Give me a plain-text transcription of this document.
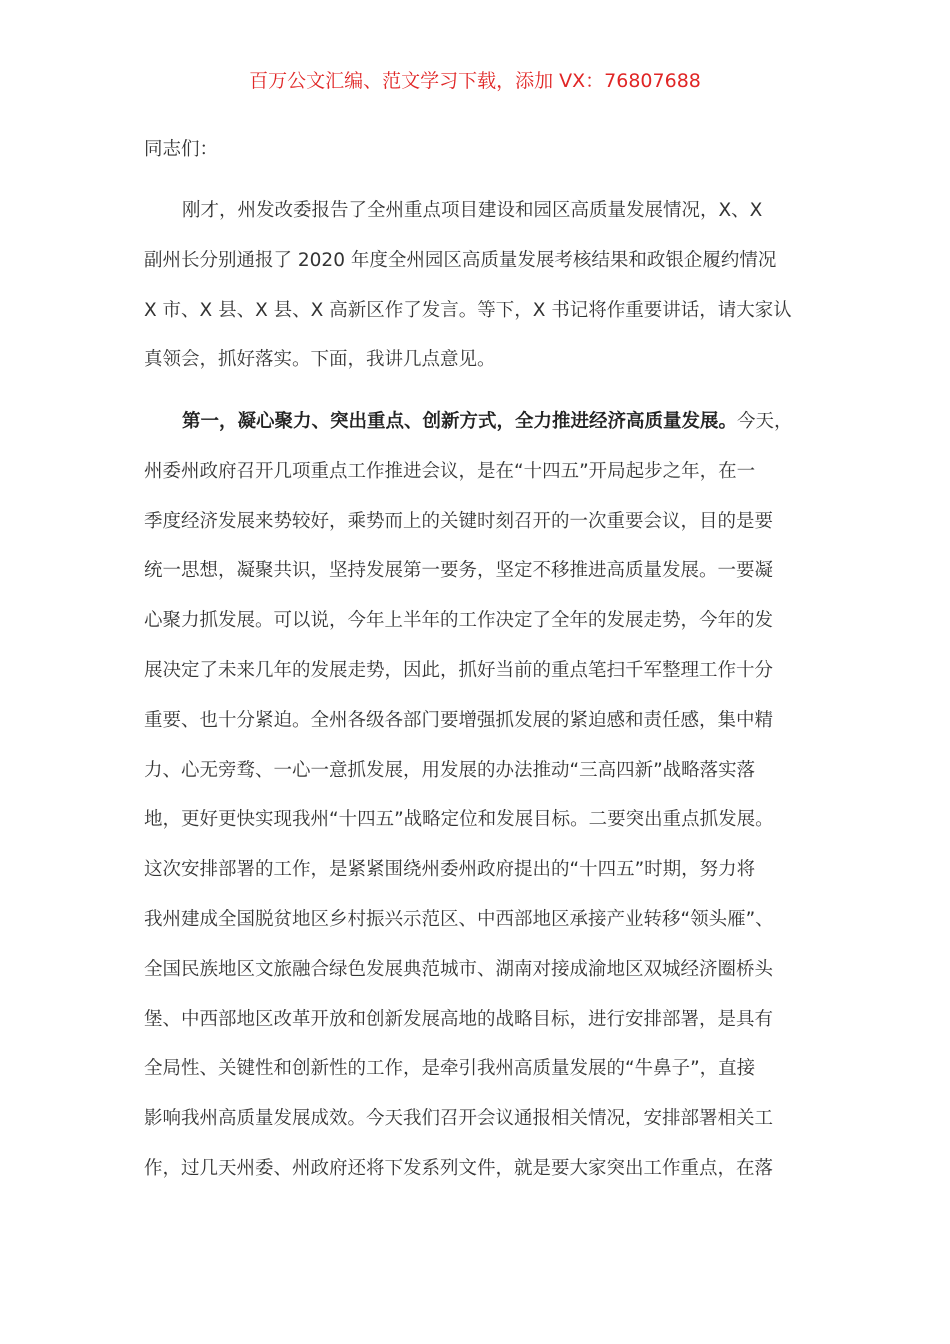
百万公文汇编、范文学习下载，添加 VX：76807688
同志们：
刚才，州发改委报告了全州重点项目建设和园区高质量发展情况，X、X
副州长分别通报了 2020 年度全州园区高质量发展考核结果和政银企履约情况
X 市、X 县、X 县、X 高新区作了发言。等下，X 书记将作重要讲话，请大家认
真领会，抓好落实。下面，我讲几点意见。
第一，凝心聚力、突出重点、创新方式，全力推进经济高质量发展。今天，
州委州政府召开几项重点工作推进会议，是在“十四五”开局起步之年，在一
季度经济发展来势较好，乘势而上的关键时刻召开的一次重要会议，目的是要
统一思想，凝聚共识，坚持发展第一要务，坚定不移推进高质量发展。一要凝
心聚力抓发展。可以说，今年上半年的工作决定了全年的发展走势，今年的发
展决定了未来几年的发展走势，因此，抓好当前的重点笔扫千军整理工作十分
重要、也十分紧迫。全州各级各部门要增强抓发展的紧迫感和责任感，集中精
力、心无旁骛、一心一意抓发展，用发展的办法推动“三高四新”战略落实落
地，更好更快实现我州“十四五”战略定位和发展目标。二要突出重点抓发展。
这次安排部署的工作，是紧紧围绕州委州政府提出的“十四五”时期，努力将
我州建成全国脱贫地区乡村振兴示范区、中西部地区承接产业转移“领头雁”、
全国民族地区文旅融合绿色发展典范城市、湖南对接成渝地区双城经济圈桥头
堡、中西部地区改革开放和创新发展高地的战略目标，进行安排部署，是具有
全局性、关键性和创新性的工作，是牵引我州高质量发展的“牛鼻子”，直接
影响我州高质量发展成效。今天我们召开会议通报相关情况，安排部署相关工
作，过几天州委、州政府还将下发系列文件，就是要大家突出工作重点，在落
